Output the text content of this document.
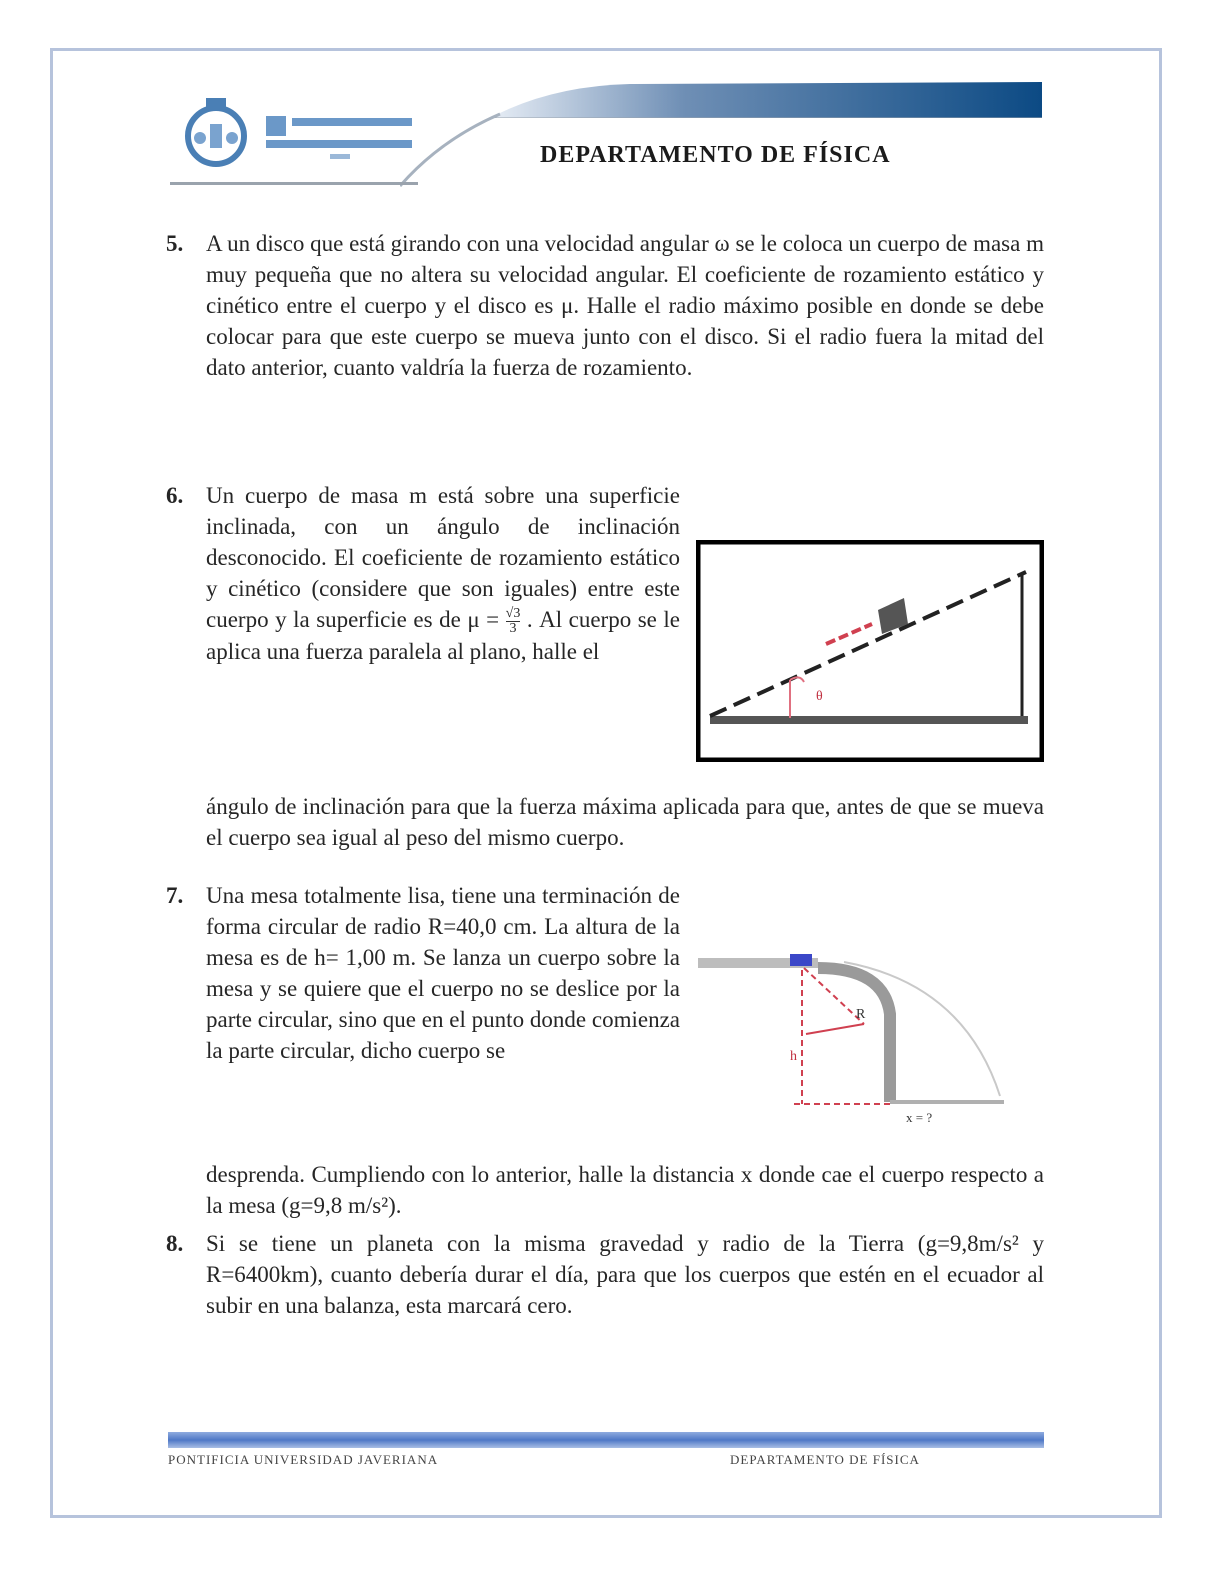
DEPARTAMENTO DE FÍSICA
5. A un disco que está girando con una velocidad angular ω se le coloca un cuerpo de masa m muy pequeña que no altera su velocidad angular. El coeficiente de rozamiento estático y cinético entre el cuerpo y el disco es μ. Halle el radio máximo posible en donde se debe colocar para que este cuerpo se mueva junto con el disco. Si el radio fuera la mitad del dato anterior, cuanto valdría la fuerza de rozamiento.
6. Un cuerpo de masa m está sobre una superficie inclinada, con un ángulo de inclinación desconocido. El coeficiente de rozamiento estático y cinético (considere que son iguales) entre este cuerpo y la superficie es de $\mu = \frac{√3}{3}$ . Al cuerpo se le aplica una fuerza paralela al plano, halle el
ángulo de inclinación para que la fuerza máxima aplicada para que, antes de que se mueva el cuerpo sea igual al peso del mismo cuerpo.
θ
7. Una mesa totalmente lisa, tiene una terminación de forma circular de radio R=40,0 cm. La altura de la mesa es de h= 1,00 m. Se lanza un cuerpo sobre la mesa y se quiere que el cuerpo no se deslice por la parte circular, sino que en el punto donde comienza la parte circular, dicho cuerpo se
desprenda. Cumpliendo con lo anterior, halle la distancia x donde cae el cuerpo respecto a la mesa (g=9,8 m/s²).
R
h
x = ?
8. Si se tiene un planeta con la misma gravedad y radio de la Tierra (g=9,8m/s² y R=6400km), cuanto debería durar el día, para que los cuerpos que estén en el ecuador al subir en una balanza, esta marcará cero.
PONTIFICIA UNIVERSIDAD JAVERIANA	DEPARTAMENTO DE FÍSICA
